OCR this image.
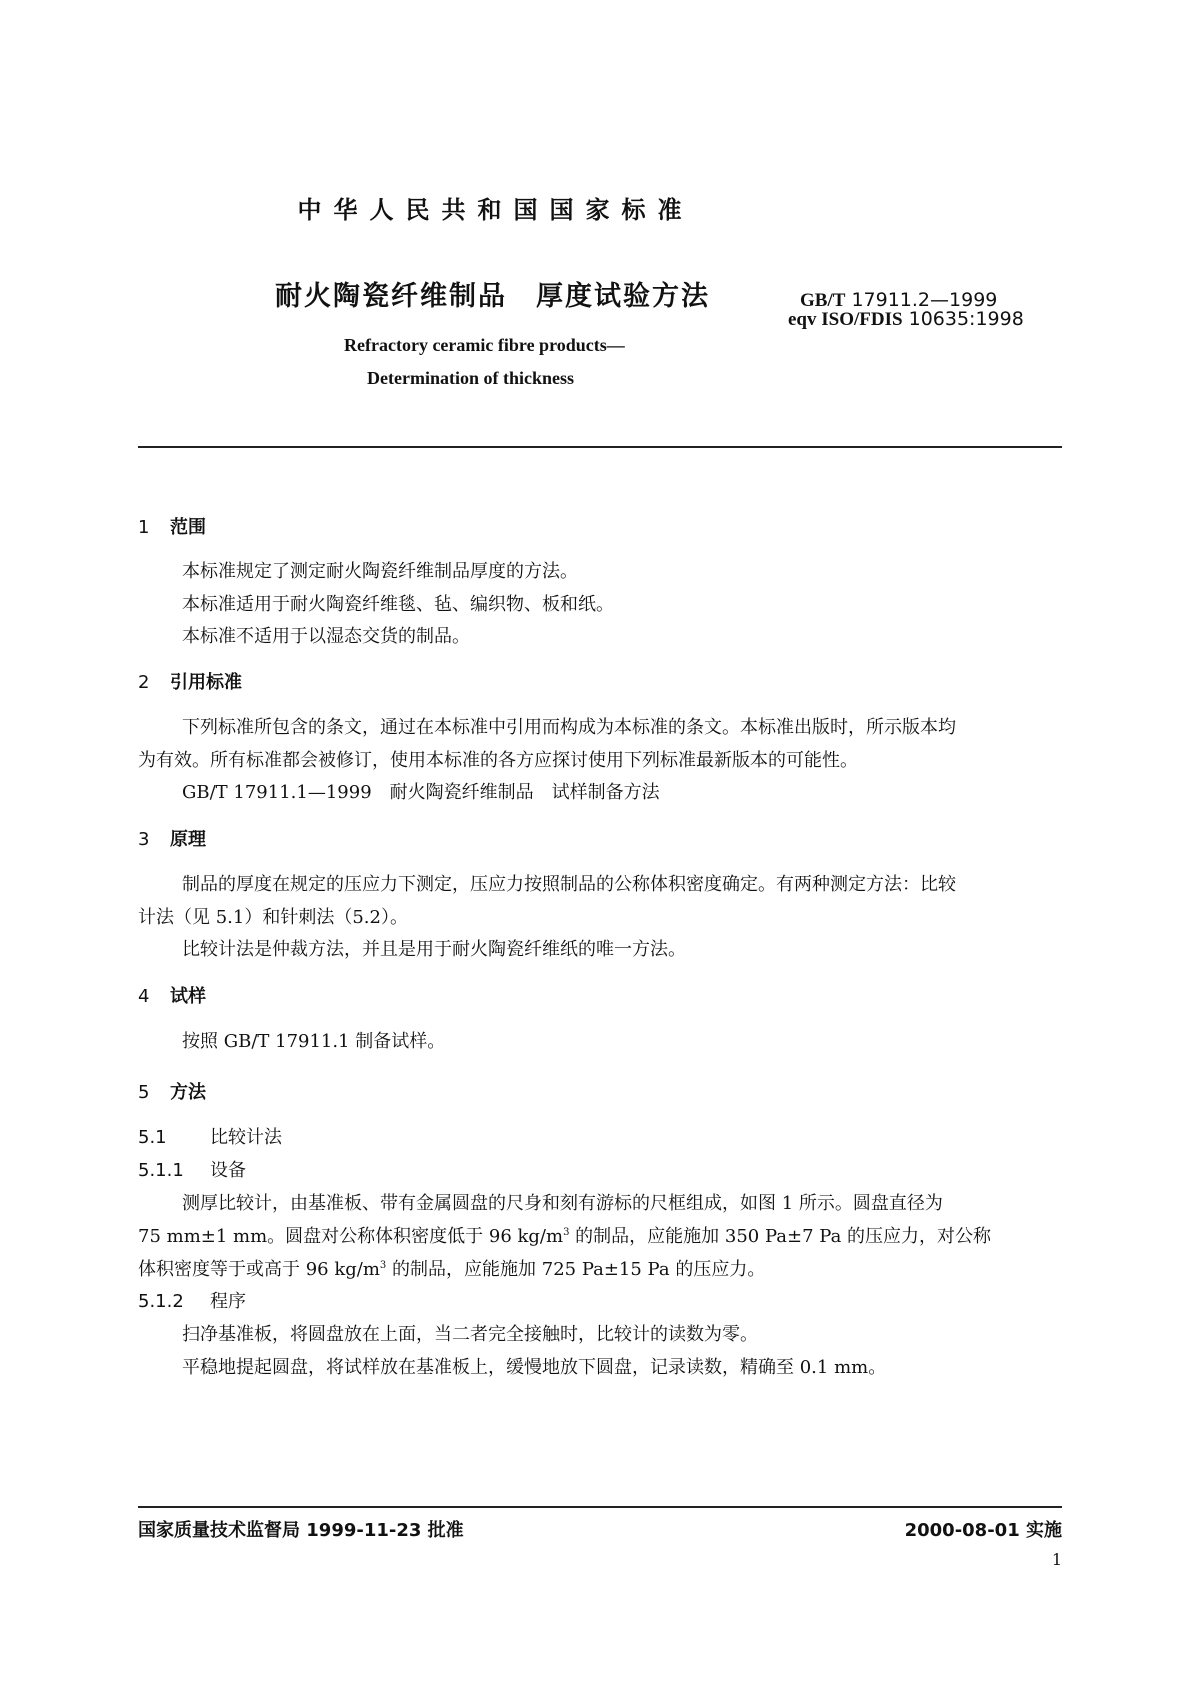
中华人民共和国国家标准
耐火陶瓷纤维制品　厚度试验方法	GB/T 17911.2—1999
eqv ISO/FDIS 10635:1998
Refractory ceramic fibre products—
Determination of thickness
1 范围
本标准规定了测定耐火陶瓷纤维制品厚度的方法。
本标准适用于耐火陶瓷纤维毯、毡、编织物、板和纸。
本标准不适用于以湿态交货的制品。
2 引用标准
下列标准所包含的条文，通过在本标准中引用而构成为本标准的条文。本标准出版时，所示版本均
为有效。所有标准都会被修订，使用本标准的各方应探讨使用下列标准最新版本的可能性。
GB/T 17911.1—1999　耐火陶瓷纤维制品　试样制备方法
3 原理
制品的厚度在规定的压应力下测定，压应力按照制品的公称体积密度确定。有两种测定方法：比较
计法（见 5.1）和针刺法（5.2）。
比较计法是仲裁方法，并且是用于耐火陶瓷纤维纸的唯一方法。
4 试样
按照 GB/T 17911.1 制备试样。
5 方法
5.1 比较计法
5.1.1 设备
测厚比较计，由基准板、带有金属圆盘的尺身和刻有游标的尺框组成，如图 1 所示。圆盘直径为
75 mm±1 mm。圆盘对公称体积密度低于 96 $kg/m^3$ 的制品，应能施加 350 Pa±7 Pa 的压应力，对公称
体积密度等于或高于 96 $kg/m^3$ 的制品，应能施加 725 Pa±15 Pa 的压应力。
5.1.2 程序
扫净基准板，将圆盘放在上面，当二者完全接触时，比较计的读数为零。
平稳地提起圆盘，将试样放在基准板上，缓慢地放下圆盘，记录读数，精确至 0.1 mm。
国家质量技术监督局 1999-11-23 批准	2000-08-01 实施
1
